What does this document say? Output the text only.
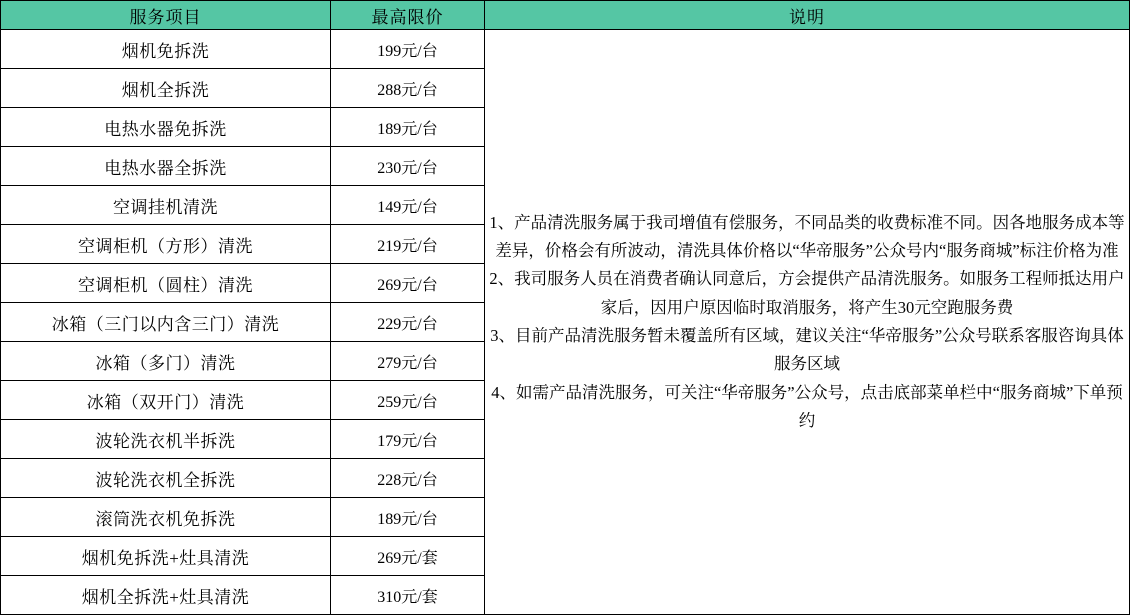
服务项目	最高限价	说明
烟机免拆洗	199元/台	1、产品清洗服务属于我司增值有偿服务，不同品类的收费标准不同。因各地服务成本等差异，价格会有所波动，清洗具体价格以“华帝服务”公众号内“服务商城”标注价格为准

2、我司服务人员在消费者确认同意后，方会提供产品清洗服务。如服务工程师抵达用户家后，因用户原因临时取消服务，将产生30元空跑服务费

3、目前产品清洗服务暂未覆盖所有区域，建议关注“华帝服务”公众号联系客服咨询具体服务区域

4、如需产品清洗服务，可关注“华帝服务”公众号，点击底部菜单栏中“服务商城”下单预约

烟机全拆洗	288元/台	
电热水器免拆洗	189元/台	
电热水器全拆洗	230元/台	
空调挂机清洗	149元/台	
空调柜机（方形）清洗	219元/台	
空调柜机（圆柱）清洗	269元/台	
冰箱（三门以内含三门）清洗	229元/台	
冰箱（多门）清洗	279元/台	
冰箱（双开门）清洗	259元/台	
波轮洗衣机半拆洗	179元/台	
波轮洗衣机全拆洗	228元/台	
滚筒洗衣机免拆洗	189元/台	
烟机免拆洗+灶具清洗	269元/套	
烟机全拆洗+灶具清洗	310元/套	
